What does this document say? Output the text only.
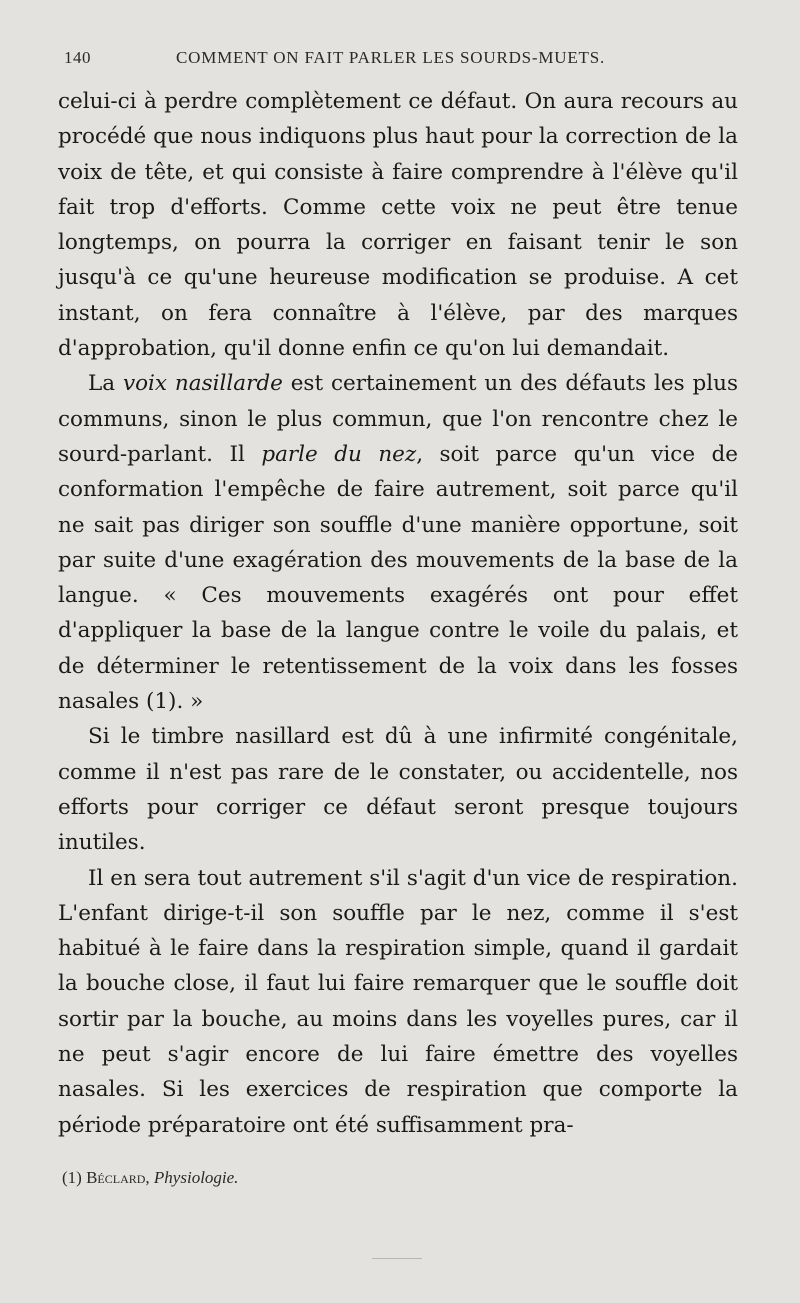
140	COMMENT ON FAIT PARLER LES SOURDS-MUETS.

celui-ci à perdre complètement ce défaut. On aura recours au procédé que nous indiquons plus haut pour la correction de la voix de tête, et qui consiste à faire comprendre à l'élève qu'il fait trop d'efforts. Comme cette voix ne peut être tenue longtemps, on pourra la corriger en faisant tenir le son jusqu'à ce qu'une heureuse modification se produise. A cet instant, on fera connaître à l'élève, par des marques d'approbation, qu'il donne enfin ce qu'on lui demandait.

La voix nasillarde est certainement un des défauts les plus communs, sinon le plus commun, que l'on rencontre chez le sourd-parlant. Il parle du nez, soit parce qu'un vice de conformation l'empêche de faire autrement, soit parce qu'il ne sait pas diriger son souffle d'une manière opportune, soit par suite d'une exagération des mouvements de la base de la langue. « Ces mouvements exagérés ont pour effet d'appliquer la base de la langue contre le voile du palais, et de déterminer le retentissement de la voix dans les fosses nasales (1). »

Si le timbre nasillard est dû à une infirmité congénitale, comme il n'est pas rare de le constater, ou accidentelle, nos efforts pour corriger ce défaut seront presque toujours inutiles.

Il en sera tout autrement s'il s'agit d'un vice de respiration. L'enfant dirige-t-il son souffle par le nez, comme il s'est habitué à le faire dans la respiration simple, quand il gardait la bouche close, il faut lui faire remarquer que le souffle doit sortir par la bouche, au moins dans les voyelles pures, car il ne peut s'agir encore de lui faire émettre des voyelles nasales. Si les exercices de respiration que comporte la période préparatoire ont été suffisamment pra-

(1) Béclard, Physiologie.
